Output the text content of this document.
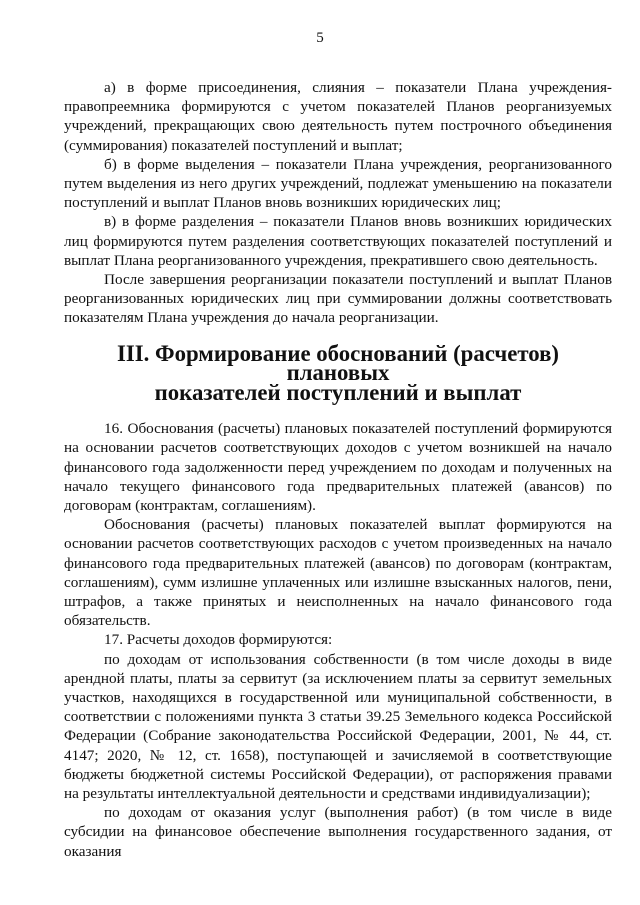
5

а) в форме присоединения, слияния – показатели Плана учреждения-правопреемника формируются с учетом показателей Планов реорганизуемых учреждений, прекращающих свою деятельность путем построчного объединения (суммирования) показателей поступлений и выплат;

б) в форме выделения – показатели Плана учреждения, реорганизованного путем выделения из него других учреждений, подлежат уменьшению на показатели поступлений и выплат Планов вновь возникших юридических лиц;

в) в форме разделения – показатели Планов вновь возникших юридических лиц формируются путем разделения соответствующих показателей поступлений и выплат Плана реорганизованного учреждения, прекратившего свою деятельность.

После завершения реорганизации показатели поступлений и выплат Планов реорганизованных юридических лиц при суммировании должны соответствовать показателям Плана учреждения до начала реорганизации.

III. Формирование обоснований (расчетов) плановых
показателей поступлений и выплат

16. Обоснования (расчеты) плановых показателей поступлений формируются на основании расчетов соответствующих доходов с учетом возникшей на начало финансового года задолженности перед учреждением по доходам и полученных на начало текущего финансового года предварительных платежей (авансов) по договорам (контрактам, соглашениям).

Обоснования (расчеты) плановых показателей выплат формируются на основании расчетов соответствующих расходов с учетом произведенных на начало финансового года предварительных платежей (авансов) по договорам (контрактам, соглашениям), сумм излишне уплаченных или излишне взысканных налогов, пени, штрафов, а также принятых и неисполненных на начало финансового года обязательств.

17. Расчеты доходов формируются:

по доходам от использования собственности (в том числе доходы в виде арендной платы, платы за сервитут (за исключением платы за сервитут земельных участков, находящихся в государственной или муниципальной собственности, в соответствии с положениями пункта 3 статьи 39.25 Земельного кодекса Российской Федерации (Собрание законодательства Российской Федерации, 2001, № 44, ст. 4147; 2020, № 12, ст. 1658), поступающей и зачисляемой в соответствующие бюджеты бюджетной системы Российской Федерации), от распоряжения правами на результаты интеллектуальной деятельности и средствами индивидуализации);

по доходам от оказания услуг (выполнения работ) (в том числе в виде субсидии на финансовое обеспечение выполнения государственного задания, от оказания
